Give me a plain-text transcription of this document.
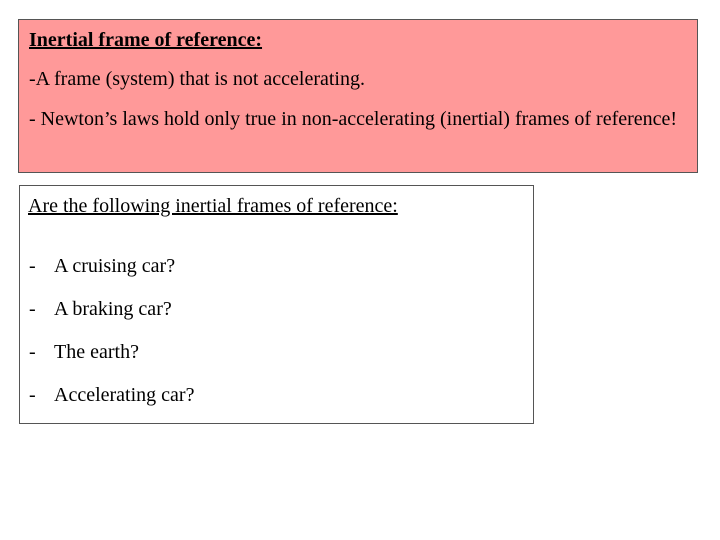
Inertial frame of reference:

-A frame (system) that is not accelerating.

- Newton’s laws hold only true in non-accelerating (inertial) frames of reference!

Are the following inertial frames of reference:

- A cruising car?
- A braking car?
- The earth?
- Accelerating car?
